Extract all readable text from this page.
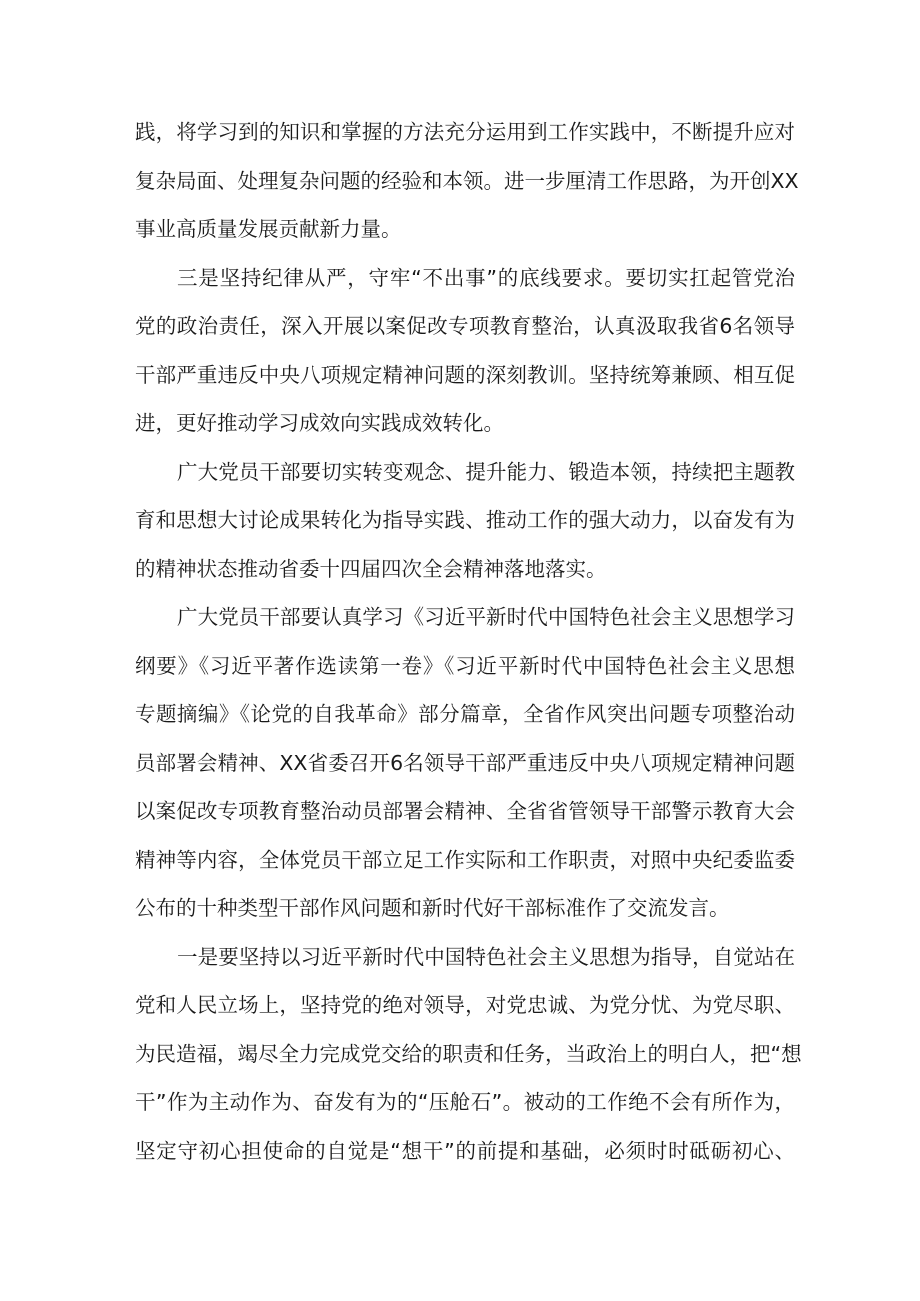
践，将学习到的知识和掌握的方法充分运用到工作实践中，不断提升应对
复杂局面、处理复杂问题的经验和本领。进一步厘清工作思路，为开创XX
事业高质量发展贡献新力量。
三是坚持纪律从严，守牢“不出事”的底线要求。要切实扛起管党治
党的政治责任，深入开展以案促改专项教育整治，认真汲取我省6名领导
干部严重违反中央八项规定精神问题的深刻教训。坚持统筹兼顾、相互促
进，更好推动学习成效向实践成效转化。
广大党员干部要切实转变观念、提升能力、锻造本领，持续把主题教
育和思想大讨论成果转化为指导实践、推动工作的强大动力，以奋发有为
的精神状态推动省委十四届四次全会精神落地落实。
广大党员干部要认真学习《习近平新时代中国特色社会主义思想学习
纲要》《习近平著作选读第一卷》《习近平新时代中国特色社会主义思想
专题摘编》《论党的自我革命》部分篇章，全省作风突出问题专项整治动
员部署会精神、XX省委召开6名领导干部严重违反中央八项规定精神问题
以案促改专项教育整治动员部署会精神、全省省管领导干部警示教育大会
精神等内容，全体党员干部立足工作实际和工作职责，对照中央纪委监委
公布的十种类型干部作风问题和新时代好干部标准作了交流发言。
一是要坚持以习近平新时代中国特色社会主义思想为指导，自觉站在
党和人民立场上，坚持党的绝对领导，对党忠诚、为党分忧、为党尽职、
为民造福，竭尽全力完成党交给的职责和任务，当政治上的明白人，把“想
干”作为主动作为、奋发有为的“压舱石”。被动的工作绝不会有所作为，
坚定守初心担使命的自觉是“想干”的前提和基础，必须时时砥砺初心、
